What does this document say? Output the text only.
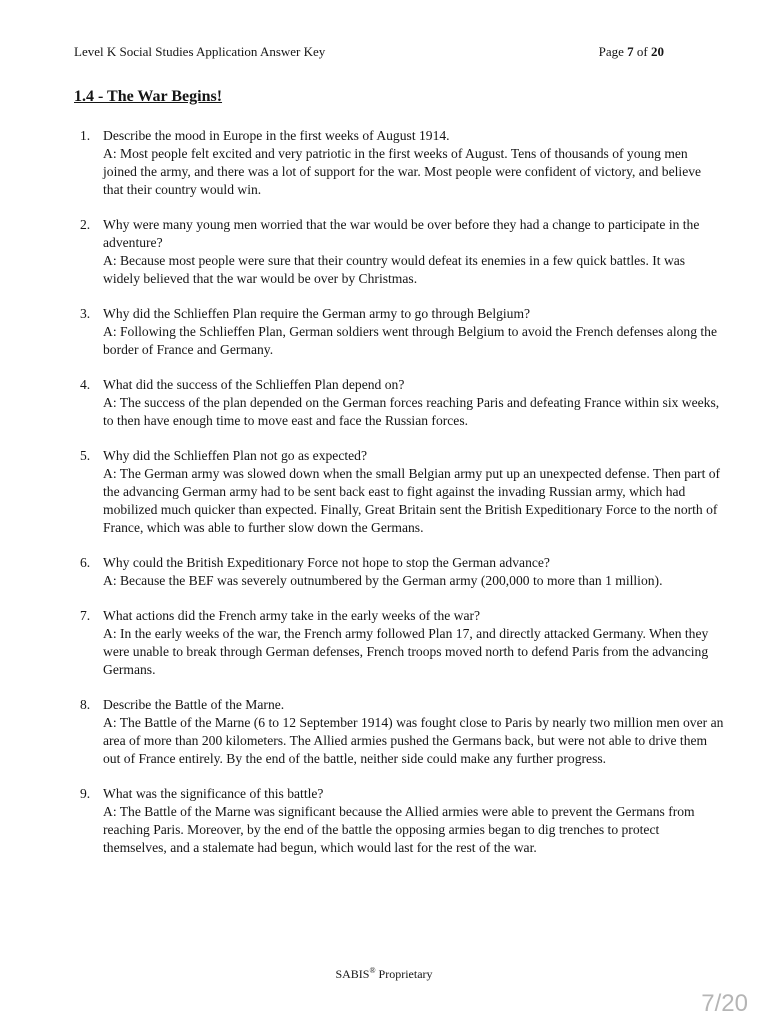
Level K Social Studies Application Answer Key	Page 7 of 20
1.4 - The War Begins!
1. Describe the mood in Europe in the first weeks of August 1914.

A: Most people felt excited and very patriotic in the first weeks of August. Tens of thousands of young men joined the army, and there was a lot of support for the war. Most people were confident of victory, and believe that their country would win.

2. Why were many young men worried that the war would be over before they had a change to participate in the adventure?

A: Because most people were sure that their country would defeat its enemies in a few quick battles. It was widely believed that the war would be over by Christmas.

3. Why did the Schlieffen Plan require the German army to go through Belgium?

A: Following the Schlieffen Plan, German soldiers went through Belgium to avoid the French defenses along the border of France and Germany.

4. What did the success of the Schlieffen Plan depend on?

A: The success of the plan depended on the German forces reaching Paris and defeating France within six weeks, to then have enough time to move east and face the Russian forces.

5. Why did the Schlieffen Plan not go as expected?

A: The German army was slowed down when the small Belgian army put up an unexpected defense. Then part of the advancing German army had to be sent back east to fight against the invading Russian army, which had mobilized much quicker than expected. Finally, Great Britain sent the British Expeditionary Force to the north of France, which was able to further slow down the Germans.

6. Why could the British Expeditionary Force not hope to stop the German advance?

A: Because the BEF was severely outnumbered by the German army (200,000 to more than 1 million).

7. What actions did the French army take in the early weeks of the war?

A: In the early weeks of the war, the French army followed Plan 17, and directly attacked Germany. When they were unable to break through German defenses, French troops moved north to defend Paris from the advancing Germans.

8. Describe the Battle of the Marne.

A: The Battle of the Marne (6 to 12 September 1914) was fought close to Paris by nearly two million men over an area of more than 200 kilometers. The Allied armies pushed the Germans back, but were not able to drive them out of France entirely. By the end of the battle, neither side could make any further progress.

9. What was the significance of this battle?

A: The Battle of the Marne was significant because the Allied armies were able to prevent the Germans from reaching Paris. Moreover, by the end of the battle the opposing armies began to dig trenches to protect themselves, and a stalemate had begun, which would last for the rest of the war.

SABIS® Proprietary
7/20
